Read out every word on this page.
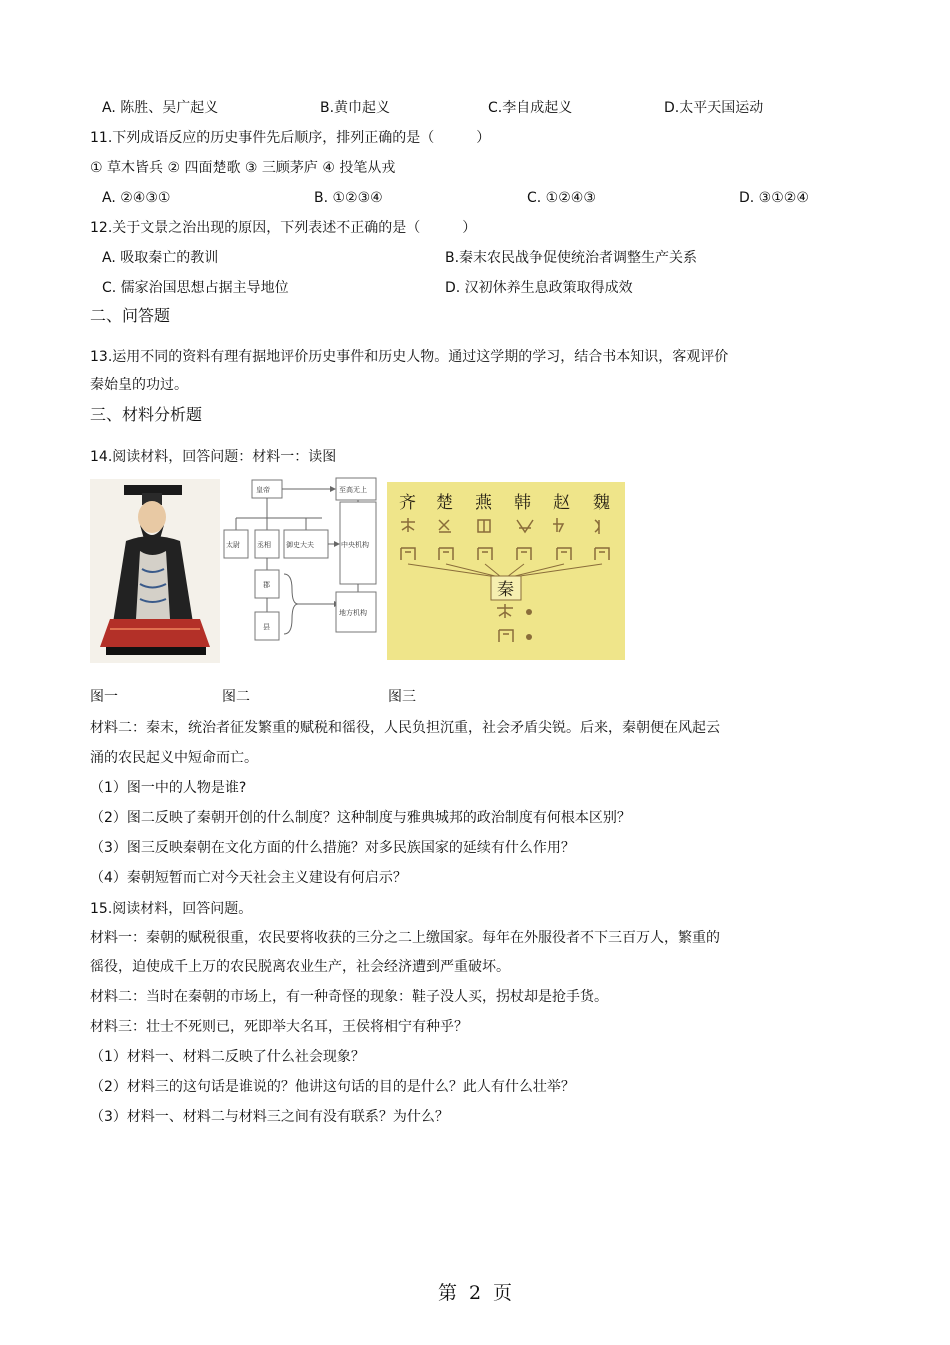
A. 陈胜、吴广起义	B.黄巾起义	C.李自成起义	D.太平天国运动
11.下列成语反应的历史事件先后顺序，排列正确的是（　　　）
① 草木皆兵 ② 四面楚歌 ③ 三顾茅庐 ④ 投笔从戎
A. ②④③①	B. ①②③④	C. ①②④③	D. ③①②④
12.关于文景之治出现的原因，下列表述不正确的是（　　　）
A. 吸取秦亡的教训	B.秦末农民战争促使统治者调整生产关系
C. 儒家治国思想占据主导地位	D. 汉初休养生息政策取得成效
二、问答题
13.运用不同的资料有理有据地评价历史事件和历史人物。通过这学期的学习，结合书本知识，客观评价
秦始皇的功过。
三、材料分析题
14.阅读材料，回答问题：材料一：读图
皇帝	至高无上
太尉 丞相 御史大夫	中央机构
郡
县
地方机构
齐 楚 燕 韩 赵 魏
秦
图一	图二	图三
材料二：秦末，统治者征发繁重的赋税和徭役，人民负担沉重，社会矛盾尖锐。后来，秦朝便在风起云
涌的农民起义中短命而亡。
（1）图一中的人物是谁?
（2）图二反映了秦朝开创的什么制度？这种制度与雅典城邦的政治制度有何根本区别？
（3）图三反映秦朝在文化方面的什么措施？对多民族国家的延续有什么作用？
（4）秦朝短暂而亡对今天社会主义建设有何启示？
15.阅读材料，回答问题。
材料一：秦朝的赋税很重，农民要将收获的三分之二上缴国家。每年在外服役者不下三百万人，繁重的
徭役，迫使成千上万的农民脱离农业生产，社会经济遭到严重破坏。
材料二：当时在秦朝的市场上，有一种奇怪的现象：鞋子没人买，拐杖却是抢手货。
材料三：壮士不死则已，死即举大名耳，王侯将相宁有种乎？
（1）材料一、材料二反映了什么社会现象？
（2）材料三的这句话是谁说的？他讲这句话的目的是什么？此人有什么壮举？
（3）材料一、材料二与材料三之间有没有联系？为什么？
第 2 页
